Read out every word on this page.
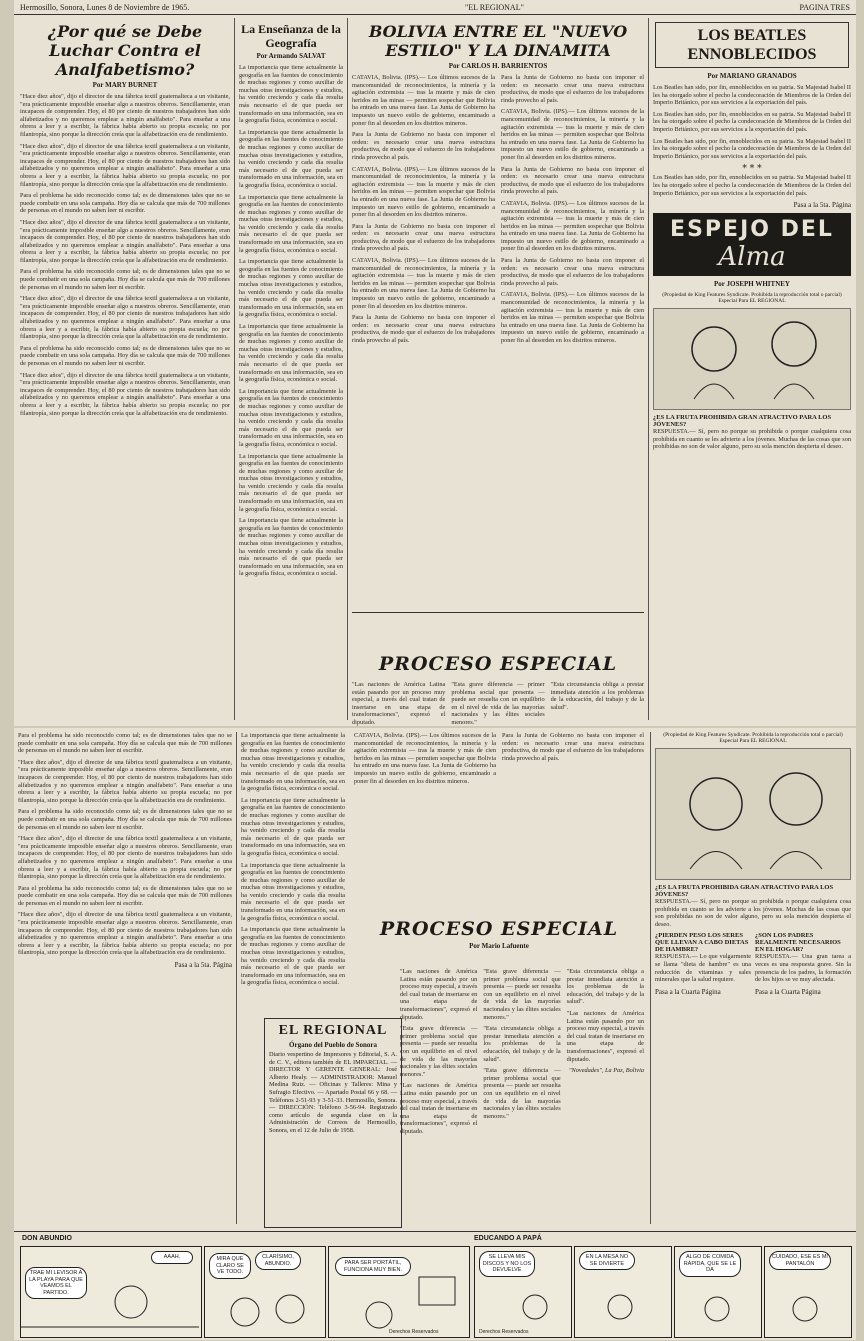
Hermosillo, Sonora, Lunes 8 de Noviembre de 1965.	"EL REGIONAL"	PAGINA TRES
¿Por qué se Debe Luchar Contra el Analfabetismo?
Por MARY BURNET

"Hace diez años", dijo el director de una fábrica textil guatemalteca a un visitante, "era prácticamente imposible enseñar algo a nuestros obreros. Sencillamente, eran incapaces de comprender. Hoy, el 80 por ciento de nuestros trabajadores han sido alfabetizados y no queremos emplear a ningún analfabeto". Para enseñar a una obrera a leer y a escribir, la fábrica había abierto su propia escuela; no por filantropía, sino porque la dirección creía que la alfabetización era de rendimiento.

"Hace diez años", dijo el director de una fábrica textil guatemalteca a un visitante, "era prácticamente imposible enseñar algo a nuestros obreros. Sencillamente, eran incapaces de comprender. Hoy, el 80 por ciento de nuestros trabajadores han sido alfabetizados y no queremos emplear a ningún analfabeto". Para enseñar a una obrera a leer y a escribir, la fábrica había abierto su propia escuela; no por filantropía, sino porque la dirección creía que la alfabetización era de rendimiento.

Para el problema ha sido reconocido como tal; es de dimensiones tales que no se puede combatir en una sola campaña. Hoy día se calcula que más de 700 millones de personas en el mundo no saben leer ni escribir.

"Hace diez años", dijo el director de una fábrica textil guatemalteca a un visitante, "era prácticamente imposible enseñar algo a nuestros obreros. Sencillamente, eran incapaces de comprender. Hoy, el 80 por ciento de nuestros trabajadores han sido alfabetizados y no queremos emplear a ningún analfabeto". Para enseñar a una obrera a leer y a escribir, la fábrica había abierto su propia escuela; no por filantropía, sino porque la dirección creía que la alfabetización era de rendimiento.

Para el problema ha sido reconocido como tal; es de dimensiones tales que no se puede combatir en una sola campaña. Hoy día se calcula que más de 700 millones de personas en el mundo no saben leer ni escribir.

"Hace diez años", dijo el director de una fábrica textil guatemalteca a un visitante, "era prácticamente imposible enseñar algo a nuestros obreros. Sencillamente, eran incapaces de comprender. Hoy, el 80 por ciento de nuestros trabajadores han sido alfabetizados y no queremos emplear a ningún analfabeto". Para enseñar a una obrera a leer y a escribir, la fábrica había abierto su propia escuela; no por filantropía, sino porque la dirección creía que la alfabetización era de rendimiento.

Para el problema ha sido reconocido como tal; es de dimensiones tales que no se puede combatir en una sola campaña. Hoy día se calcula que más de 700 millones de personas en el mundo no saben leer ni escribir.

"Hace diez años", dijo el director de una fábrica textil guatemalteca a un visitante, "era prácticamente imposible enseñar algo a nuestros obreros. Sencillamente, eran incapaces de comprender. Hoy, el 80 por ciento de nuestros trabajadores han sido alfabetizados y no queremos emplear a ningún analfabeto". Para enseñar a una obrera a leer y a escribir, la fábrica había abierto su propia escuela; no por filantropía, sino porque la dirección creía que la alfabetización era de rendimiento.

La Enseñanza de la Geografía
Por Armando SALVAT

La importancia que tiene actualmente la geografía en las fuentes de conocimiento de muchas regiones y como auxiliar de muchas otras investigaciones y estudios, ha venido creciendo y cada día resulta más necesario el de que pueda ser transformado en una información, sea en la geografía física, económica o social.

La importancia que tiene actualmente la geografía en las fuentes de conocimiento de muchas regiones y como auxiliar de muchas otras investigaciones y estudios, ha venido creciendo y cada día resulta más necesario el de que pueda ser transformado en una información, sea en la geografía física, económica o social.

La importancia que tiene actualmente la geografía en las fuentes de conocimiento de muchas regiones y como auxiliar de muchas otras investigaciones y estudios, ha venido creciendo y cada día resulta más necesario el de que pueda ser transformado en una información, sea en la geografía física, económica o social.

La importancia que tiene actualmente la geografía en las fuentes de conocimiento de muchas regiones y como auxiliar de muchas otras investigaciones y estudios, ha venido creciendo y cada día resulta más necesario el de que pueda ser transformado en una información, sea en la geografía física, económica o social.

La importancia que tiene actualmente la geografía en las fuentes de conocimiento de muchas regiones y como auxiliar de muchas otras investigaciones y estudios, ha venido creciendo y cada día resulta más necesario el de que pueda ser transformado en una información, sea en la geografía física, económica o social.

La importancia que tiene actualmente la geografía en las fuentes de conocimiento de muchas regiones y como auxiliar de muchas otras investigaciones y estudios, ha venido creciendo y cada día resulta más necesario el de que pueda ser transformado en una información, sea en la geografía física, económica o social.

La importancia que tiene actualmente la geografía en las fuentes de conocimiento de muchas regiones y como auxiliar de muchas otras investigaciones y estudios, ha venido creciendo y cada día resulta más necesario el de que pueda ser transformado en una información, sea en la geografía física, económica o social.

La importancia que tiene actualmente la geografía en las fuentes de conocimiento de muchas regiones y como auxiliar de muchas otras investigaciones y estudios, ha venido creciendo y cada día resulta más necesario el de que pueda ser transformado en una información, sea en la geografía física, económica o social.

BOLIVIA ENTRE EL "NUEVO ESTILO" Y LA DINAMITA
Por CARLOS H. BARRIENTOS

CATAVIA, Bolivia. (IPS).— Los últimos sucesos de la mancomunidad de reconocimientos, la minería y la agitación extremista — tras la muerte y más de cien heridos en las minas — permiten sospechar que Bolivia ha entrado en una nueva fase. La Junta de Gobierno ha impuesto un nuevo estilo de gobierno, encaminado a poner fin al desorden en los distritos mineros.

Para la Junta de Gobierno no basta con imponer el orden: es necesario crear una nueva estructura productiva, de modo que el esfuerzo de los trabajadores rinda provecho al país.

CATAVIA, Bolivia. (IPS).— Los últimos sucesos de la mancomunidad de reconocimientos, la minería y la agitación extremista — tras la muerte y más de cien heridos en las minas — permiten sospechar que Bolivia ha entrado en una nueva fase. La Junta de Gobierno ha impuesto un nuevo estilo de gobierno, encaminado a poner fin al desorden en los distritos mineros.

Para la Junta de Gobierno no basta con imponer el orden: es necesario crear una nueva estructura productiva, de modo que el esfuerzo de los trabajadores rinda provecho al país.

CATAVIA, Bolivia. (IPS).— Los últimos sucesos de la mancomunidad de reconocimientos, la minería y la agitación extremista — tras la muerte y más de cien heridos en las minas — permiten sospechar que Bolivia ha entrado en una nueva fase. La Junta de Gobierno ha impuesto un nuevo estilo de gobierno, encaminado a poner fin al desorden en los distritos mineros.

Para la Junta de Gobierno no basta con imponer el orden: es necesario crear una nueva estructura productiva, de modo que el esfuerzo de los trabajadores rinda provecho al país.

Para la Junta de Gobierno no basta con imponer el orden: es necesario crear una nueva estructura productiva, de modo que el esfuerzo de los trabajadores rinda provecho al país.

CATAVIA, Bolivia. (IPS).— Los últimos sucesos de la mancomunidad de reconocimientos, la minería y la agitación extremista — tras la muerte y más de cien heridos en las minas — permiten sospechar que Bolivia ha entrado en una nueva fase. La Junta de Gobierno ha impuesto un nuevo estilo de gobierno, encaminado a poner fin al desorden en los distritos mineros.

Para la Junta de Gobierno no basta con imponer el orden: es necesario crear una nueva estructura productiva, de modo que el esfuerzo de los trabajadores rinda provecho al país.

CATAVIA, Bolivia. (IPS).— Los últimos sucesos de la mancomunidad de reconocimientos, la minería y la agitación extremista — tras la muerte y más de cien heridos en las minas — permiten sospechar que Bolivia ha entrado en una nueva fase. La Junta de Gobierno ha impuesto un nuevo estilo de gobierno, encaminado a poner fin al desorden en los distritos mineros.

Para la Junta de Gobierno no basta con imponer el orden: es necesario crear una nueva estructura productiva, de modo que el esfuerzo de los trabajadores rinda provecho al país.

CATAVIA, Bolivia. (IPS).— Los últimos sucesos de la mancomunidad de reconocimientos, la minería y la agitación extremista — tras la muerte y más de cien heridos en las minas — permiten sospechar que Bolivia ha entrado en una nueva fase. La Junta de Gobierno ha impuesto un nuevo estilo de gobierno, encaminado a poner fin al desorden en los distritos mineros.

PROCESO ESPECIAL

"Las naciones de América Latina están pasando por un proceso muy especial, a través del cual tratan de insertarse en una etapa de transformaciones", expresó el diputado.

"Esta grave diferencia — primer problema social que presenta — puede ser resuelta con un equilibrio en el nivel de vida de las mayorías nacionales y las élites sociales menores."

"Esta circunstancia obliga a prestar inmediata atención a los problemas de la educación, del trabajo y de la salud".

LOS BEATLES ENNOBLECIDOS
Por MARIANO GRANADOS

Los Beatles han sido, por fin, ennoblecidos en su patria. Su Majestad Isabel II les ha otorgado sobre el pecho la condecoración de Miembros de la Orden del Imperio Británico, por sus servicios a la exportación del país.

Los Beatles han sido, por fin, ennoblecidos en su patria. Su Majestad Isabel II les ha otorgado sobre el pecho la condecoración de Miembros de la Orden del Imperio Británico, por sus servicios a la exportación del país.

Los Beatles han sido, por fin, ennoblecidos en su patria. Su Majestad Isabel II les ha otorgado sobre el pecho la condecoración de Miembros de la Orden del Imperio Británico, por sus servicios a la exportación del país.

* * *

Los Beatles han sido, por fin, ennoblecidos en su patria. Su Majestad Isabel II les ha otorgado sobre el pecho la condecoración de Miembros de la Orden del Imperio Británico, por sus servicios a la exportación del país.

Pasa a la 5ta. Página
ESPEJO DEL
Alma
Por JOSEPH WHITNEY
(Propiedad de King Features Syndicate. Prohibida la reproducción total o parcial) Especial Para EL REGIONAL
¿ES LA FRUTA PROHIBIDA GRAN ATRACTIVO PARA LOS JÓVENES?

RESPUESTA.— Sí, pero no porque su prohibida o porque cualquiera cosa prohibida en cuanto se les advierte a los jóvenes. Muchas de las cosas que son prohibidas no son de valor alguno, pero su sola mención despierta el deseo.

Para el problema ha sido reconocido como tal; es de dimensiones tales que no se puede combatir en una sola campaña. Hoy día se calcula que más de 700 millones de personas en el mundo no saben leer ni escribir.

"Hace diez años", dijo el director de una fábrica textil guatemalteca a un visitante, "era prácticamente imposible enseñar algo a nuestros obreros. Sencillamente, eran incapaces de comprender. Hoy, el 80 por ciento de nuestros trabajadores han sido alfabetizados y no queremos emplear a ningún analfabeto". Para enseñar a una obrera a leer y a escribir, la fábrica había abierto su propia escuela; no por filantropía, sino porque la dirección creía que la alfabetización era de rendimiento.

Para el problema ha sido reconocido como tal; es de dimensiones tales que no se puede combatir en una sola campaña. Hoy día se calcula que más de 700 millones de personas en el mundo no saben leer ni escribir.

"Hace diez años", dijo el director de una fábrica textil guatemalteca a un visitante, "era prácticamente imposible enseñar algo a nuestros obreros. Sencillamente, eran incapaces de comprender. Hoy, el 80 por ciento de nuestros trabajadores han sido alfabetizados y no queremos emplear a ningún analfabeto". Para enseñar a una obrera a leer y a escribir, la fábrica había abierto su propia escuela; no por filantropía, sino porque la dirección creía que la alfabetización era de rendimiento.

Para el problema ha sido reconocido como tal; es de dimensiones tales que no se puede combatir en una sola campaña. Hoy día se calcula que más de 700 millones de personas en el mundo no saben leer ni escribir.

"Hace diez años", dijo el director de una fábrica textil guatemalteca a un visitante, "era prácticamente imposible enseñar algo a nuestros obreros. Sencillamente, eran incapaces de comprender. Hoy, el 80 por ciento de nuestros trabajadores han sido alfabetizados y no queremos emplear a ningún analfabeto". Para enseñar a una obrera a leer y a escribir, la fábrica había abierto su propia escuela; no por filantropía, sino porque la dirección creía que la alfabetización era de rendimiento.

Pasa a la 5ta. Página

La importancia que tiene actualmente la geografía en las fuentes de conocimiento de muchas regiones y como auxiliar de muchas otras investigaciones y estudios, ha venido creciendo y cada día resulta más necesario el de que pueda ser transformado en una información, sea en la geografía física, económica o social.

La importancia que tiene actualmente la geografía en las fuentes de conocimiento de muchas regiones y como auxiliar de muchas otras investigaciones y estudios, ha venido creciendo y cada día resulta más necesario el de que pueda ser transformado en una información, sea en la geografía física, económica o social.

La importancia que tiene actualmente la geografía en las fuentes de conocimiento de muchas regiones y como auxiliar de muchas otras investigaciones y estudios, ha venido creciendo y cada día resulta más necesario el de que pueda ser transformado en una información, sea en la geografía física, económica o social.

La importancia que tiene actualmente la geografía en las fuentes de conocimiento de muchas regiones y como auxiliar de muchas otras investigaciones y estudios, ha venido creciendo y cada día resulta más necesario el de que pueda ser transformado en una información, sea en la geografía física, económica o social.

CATAVIA, Bolivia. (IPS).— Los últimos sucesos de la mancomunidad de reconocimientos, la minería y la agitación extremista — tras la muerte y más de cien heridos en las minas — permiten sospechar que Bolivia ha entrado en una nueva fase. La Junta de Gobierno ha impuesto un nuevo estilo de gobierno, encaminado a poner fin al desorden en los distritos mineros.

Para la Junta de Gobierno no basta con imponer el orden: es necesario crear una nueva estructura productiva, de modo que el esfuerzo de los trabajadores rinda provecho al país.

PROCESO ESPECIAL
Por Mario Lafuente
EL REGIONAL
Órgano del Pueblo de Sonora
Diario vespertino de Impresores y Editorial, S. A. de C. V., editora también de EL IMPARCIAL. — DIRECTOR Y GERENTE GENERAL: José Alberto Healy. — ADMINISTRADOR: Manuel Medina Ruiz. — Oficinas y Talleres: Mina y Sufragio Efectivo. — Apartado Postal 66 y 68. — Teléfonos 2-51-93 y 3-51-33. Hermosillo, Sonora. — DIRECCIÓN: Teléfono 3-56-94. Registrado como artículo de segunda clase en la Administración de Correos de Hermosillo, Sonora, en el 12 de Julio de 1958.

"Las naciones de América Latina están pasando por un proceso muy especial, a través del cual tratan de insertarse en una etapa de transformaciones", expresó el diputado.

"Esta grave diferencia — primer problema social que presenta — puede ser resuelta con un equilibrio en el nivel de vida de las mayorías nacionales y las élites sociales menores."

"Las naciones de América Latina están pasando por un proceso muy especial, a través del cual tratan de insertarse en una etapa de transformaciones", expresó el diputado.

"Esta grave diferencia — primer problema social que presenta — puede ser resuelta con un equilibrio en el nivel de vida de las mayorías nacionales y las élites sociales menores."

"Esta circunstancia obliga a prestar inmediata atención a los problemas de la educación, del trabajo y de la salud".

"Esta grave diferencia — primer problema social que presenta — puede ser resuelta con un equilibrio en el nivel de vida de las mayorías nacionales y las élites sociales menores."

"Esta circunstancia obliga a prestar inmediata atención a los problemas de la educación, del trabajo y de la salud".

"Las naciones de América Latina están pasando por un proceso muy especial, a través del cual tratan de insertarse en una etapa de transformaciones", expresó el diputado.

"Novedades", La Paz, Bolivia
(Propiedad de King Features Syndicate. Prohibida la reproducción total o parcial) Especial Para EL REGIONAL
¿ES LA FRUTA PROHIBIDA GRAN ATRACTIVO PARA LOS JÓVENES?

RESPUESTA.— Sí, pero no porque su prohibida o porque cualquiera cosa prohibida en cuanto se les advierte a los jóvenes. Muchas de las cosas que son prohibidas no son de valor alguno, pero su sola mención despierta el deseo.

¿PIERDEN PESO LOS SERES QUE LLEVAN A CABO DIETAS DE HAMBRE?

RESPUESTA.— Lo que vulgarmente se llama "dieta de hambre" es una reducción de vitaminas y sales minerales que la salud requiere.

Pasa a la Cuarta Página
¿SON LOS PADRES REALMENTE NECESARIOS EN EL HOGAR?

RESPUESTA.— Una gran tarea a veces es una respuesta grave. Sin la presencia de los padres, la formación de los hijos se ve muy afectada.

Pasa a la Cuarta Página
DON ABUNDIO	EDUCANDO A PAPÁ
TRAE MI LEVISOR A LA PLAYA PARA QUE VEAMOS EL PARTIDO.
AAAH.	MIRA QUE CLARO SE VE TODO.
CLARÍSIMO, ABUNDIO.	PARA SER PORTÁTIL, FUNCIONA MUY BIEN.
Derechos Reservados
SE LLEVA MIS DISCOS Y NO LOS DEVUELVE
Derechos Reservados
EN LA MESA NO SE DIVIERTE
ALGO DE COMIDA RÁPIDA, QUE SE LE DA
CUIDADO, ESE ES MI PANTALÓN
